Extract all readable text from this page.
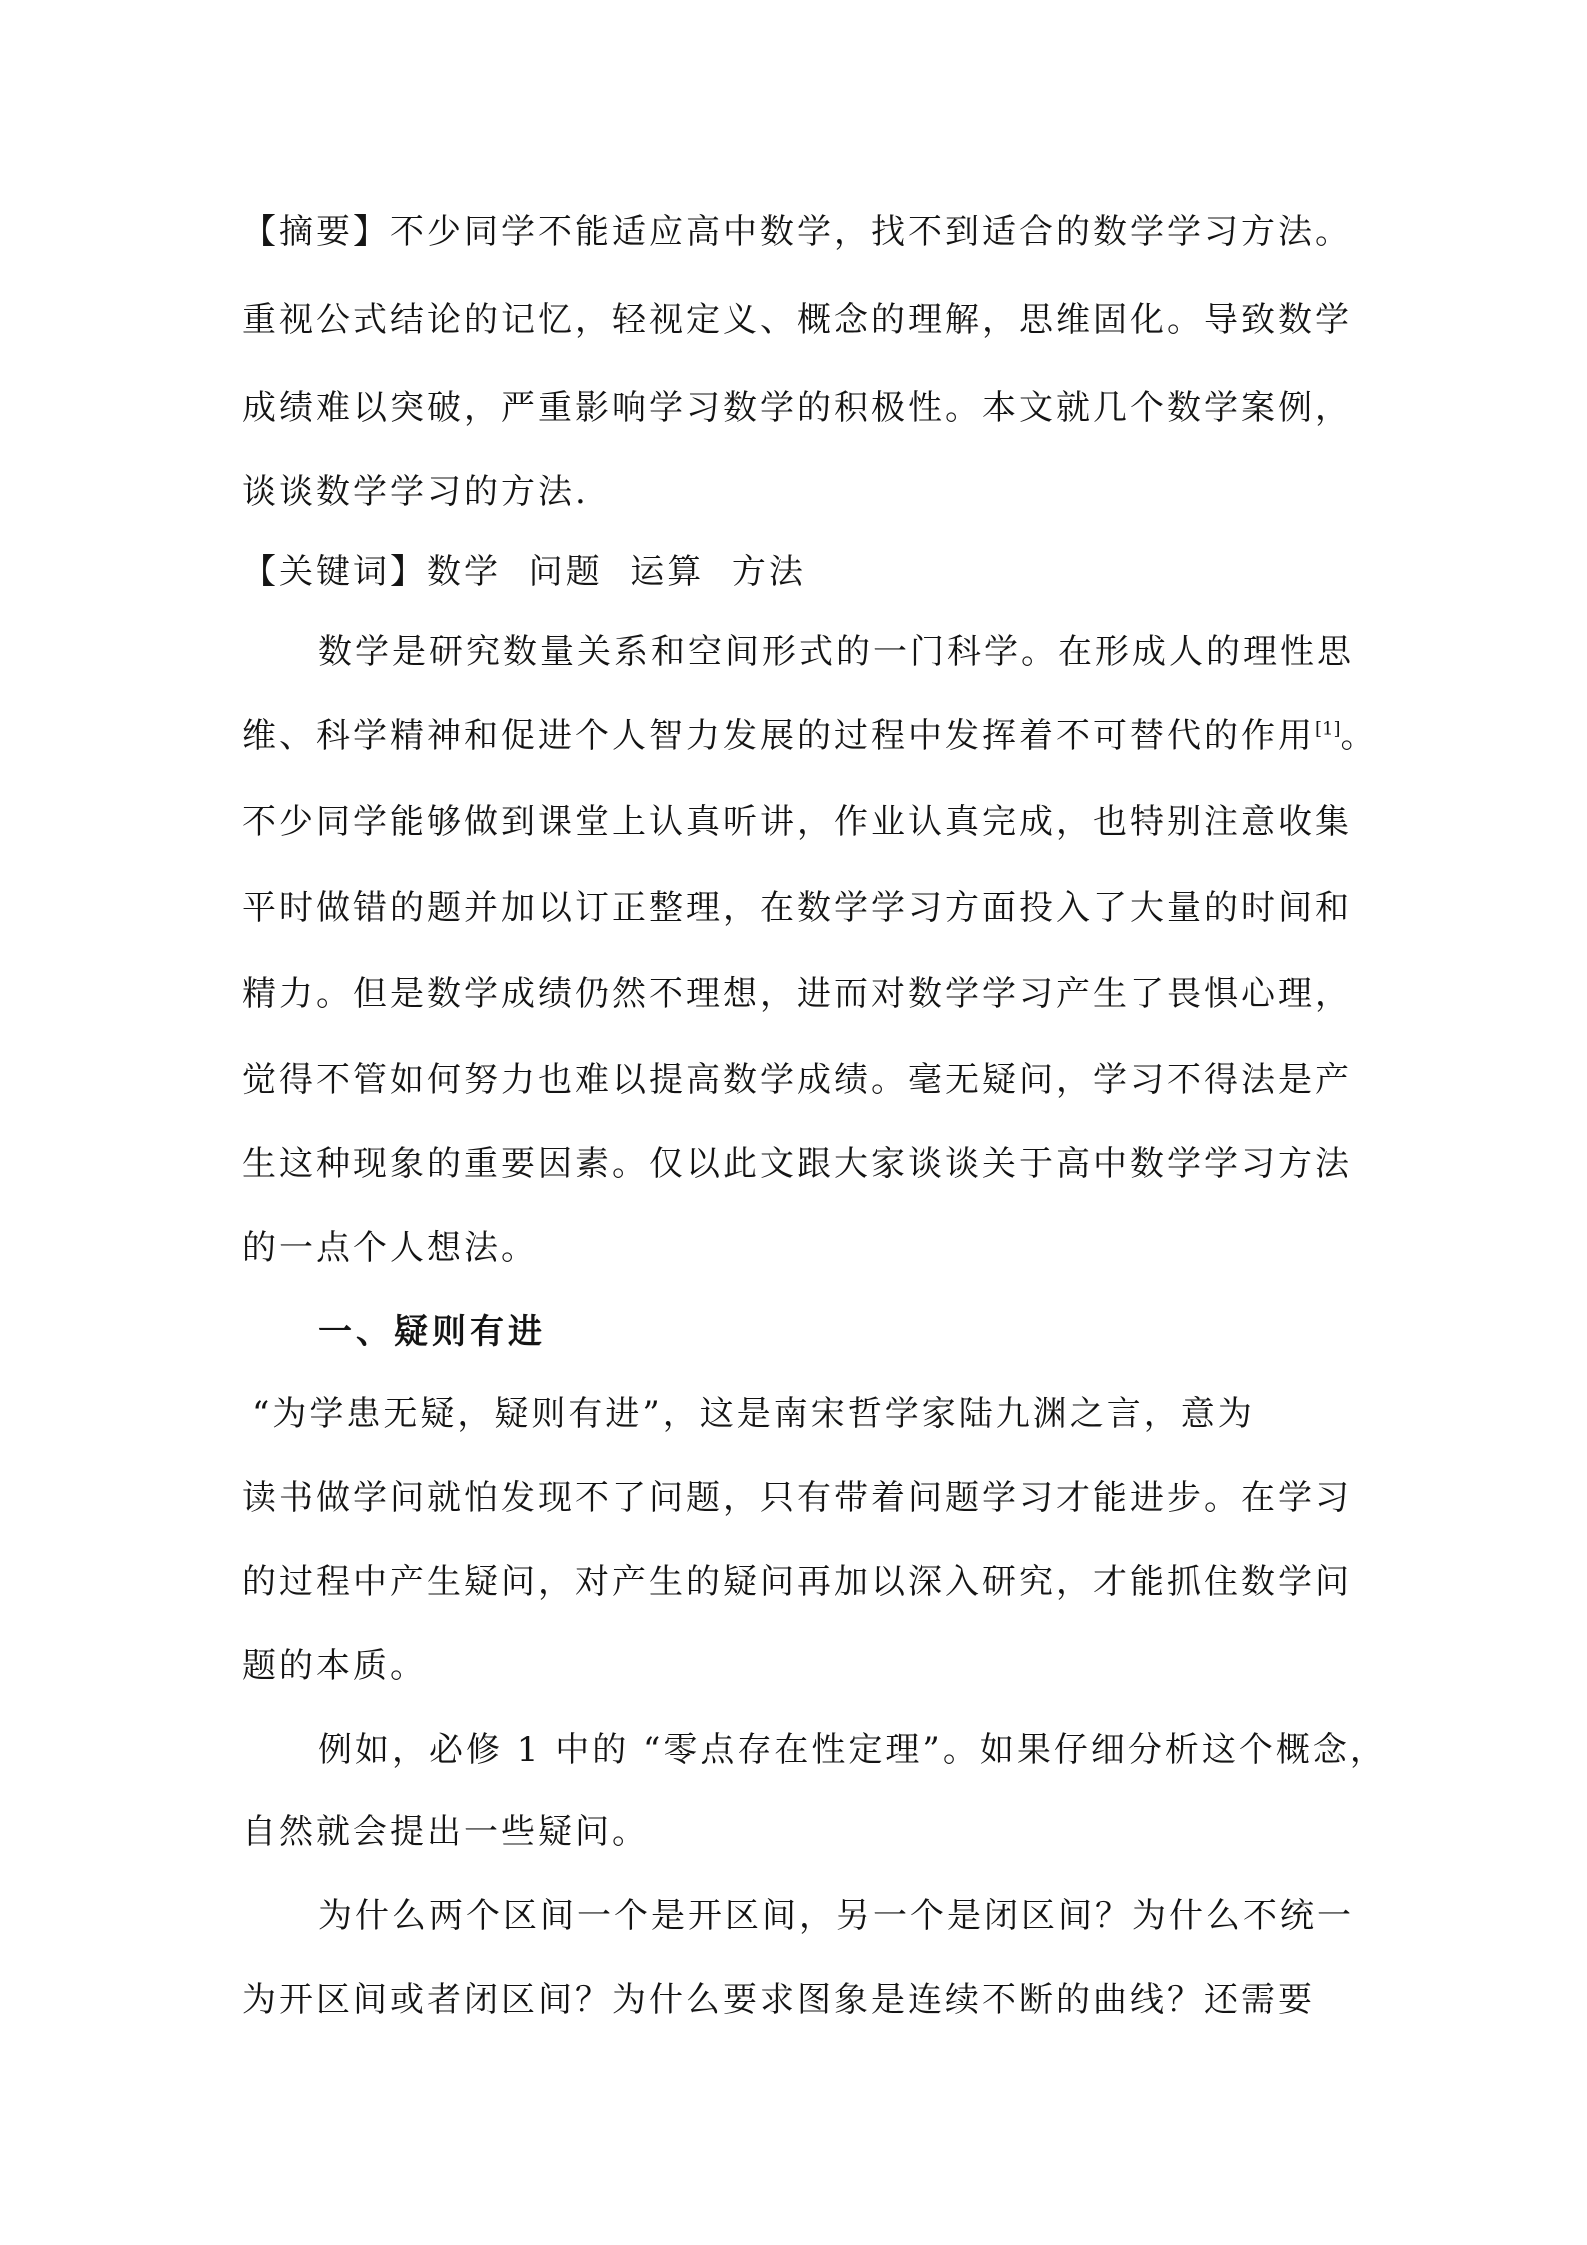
【摘要】不少同学不能适应高中数学，找不到适合的数学学习方法。
重视公式结论的记忆，轻视定义、概念的理解，思维固化。导致数学
成绩难以突破，严重影响学习数学的积极性。本文就几个数学案例，
谈谈数学学习的方法.
【关键词】数学  问题  运算  方法
数学是研究数量关系和空间形式的一门科学。在形成人的理性思
维、科学精神和促进个人智力发展的过程中发挥着不可替代的作用[1]。
不少同学能够做到课堂上认真听讲，作业认真完成，也特别注意收集
平时做错的题并加以订正整理，在数学学习方面投入了大量的时间和
精力。但是数学成绩仍然不理想，进而对数学学习产生了畏惧心理，
觉得不管如何努力也难以提高数学成绩。毫无疑问，学习不得法是产
生这种现象的重要因素。仅以此文跟大家谈谈关于高中数学学习方法
的一点个人想法。
一、疑则有进
“为学患无疑，疑则有进”，这是南宋哲学家陆九渊之言，意为
读书做学问就怕发现不了问题，只有带着问题学习才能进步。在学习
的过程中产生疑问，对产生的疑问再加以深入研究，才能抓住数学问
题的本质。
例如，必修 1 中的 “零点存在性定理”。如果仔细分析这个概念，
自然就会提出一些疑问。
为什么两个区间一个是开区间，另一个是闭区间？为什么不统一
为开区间或者闭区间？为什么要求图象是连续不断的曲线？还需要
